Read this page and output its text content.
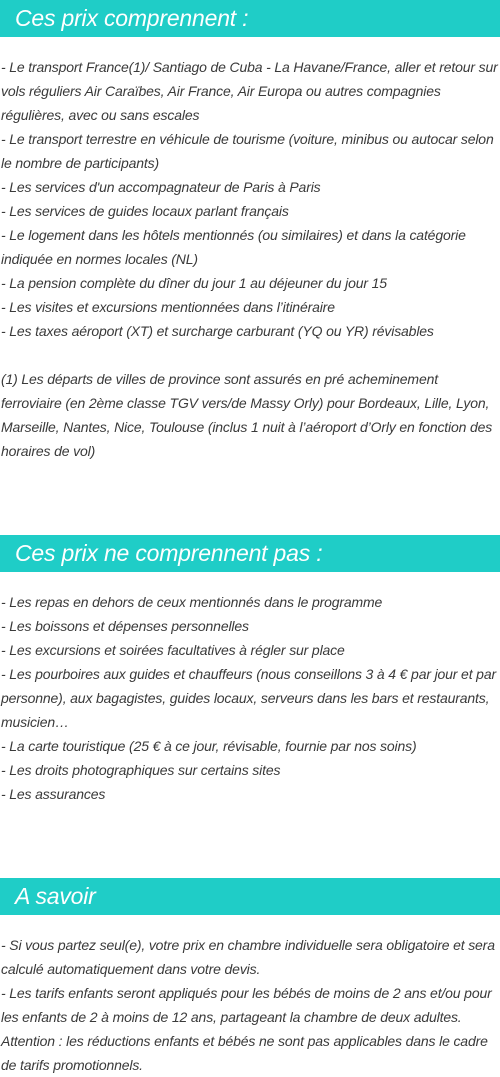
Ces prix comprennent :
- Le transport France(1)/ Santiago de Cuba - La Havane/France, aller et retour sur vols réguliers Air Caraïbes, Air France, Air Europa ou autres compagnies régulières, avec ou sans escales
- Le transport terrestre en véhicule de tourisme (voiture, minibus ou autocar selon le nombre de participants)
- Les services d'un accompagnateur de Paris à Paris
- Les services de guides locaux parlant français
- Le logement dans les hôtels mentionnés (ou similaires) et dans la catégorie indiquée en normes locales (NL)
- La pension complète du dîner du jour 1 au déjeuner du jour 15
- Les visites et excursions mentionnées dans l’itinéraire
- Les taxes aéroport (XT) et surcharge carburant (YQ ou YR) révisables
(1) Les départs de villes de province sont assurés en pré acheminement ferroviaire (en 2ème classe TGV vers/de Massy Orly) pour Bordeaux, Lille, Lyon, Marseille, Nantes, Nice, Toulouse (inclus 1 nuit à l’aéroport d’Orly en fonction des horaires de vol)
Ces prix ne comprennent pas :
- Les repas en dehors de ceux mentionnés dans le programme
- Les boissons et dépenses personnelles
- Les excursions et soirées facultatives à régler sur place
- Les pourboires aux guides et chauffeurs (nous conseillons 3 à 4 € par jour et par personne), aux bagagistes, guides locaux, serveurs dans les bars et restaurants, musicien…
- La carte touristique (25 € à ce jour, révisable, fournie par nos soins)
- Les droits photographiques sur certains sites
- Les assurances
A savoir
- Si vous partez seul(e), votre prix en chambre individuelle sera obligatoire et sera calculé automatiquement dans votre devis.
- Les tarifs enfants seront appliqués pour les bébés de moins de 2 ans et/ou pour les enfants de 2 à moins de 12 ans, partageant la chambre de deux adultes.
Attention : les réductions enfants et bébés ne sont pas applicables dans le cadre de tarifs promotionnels.
